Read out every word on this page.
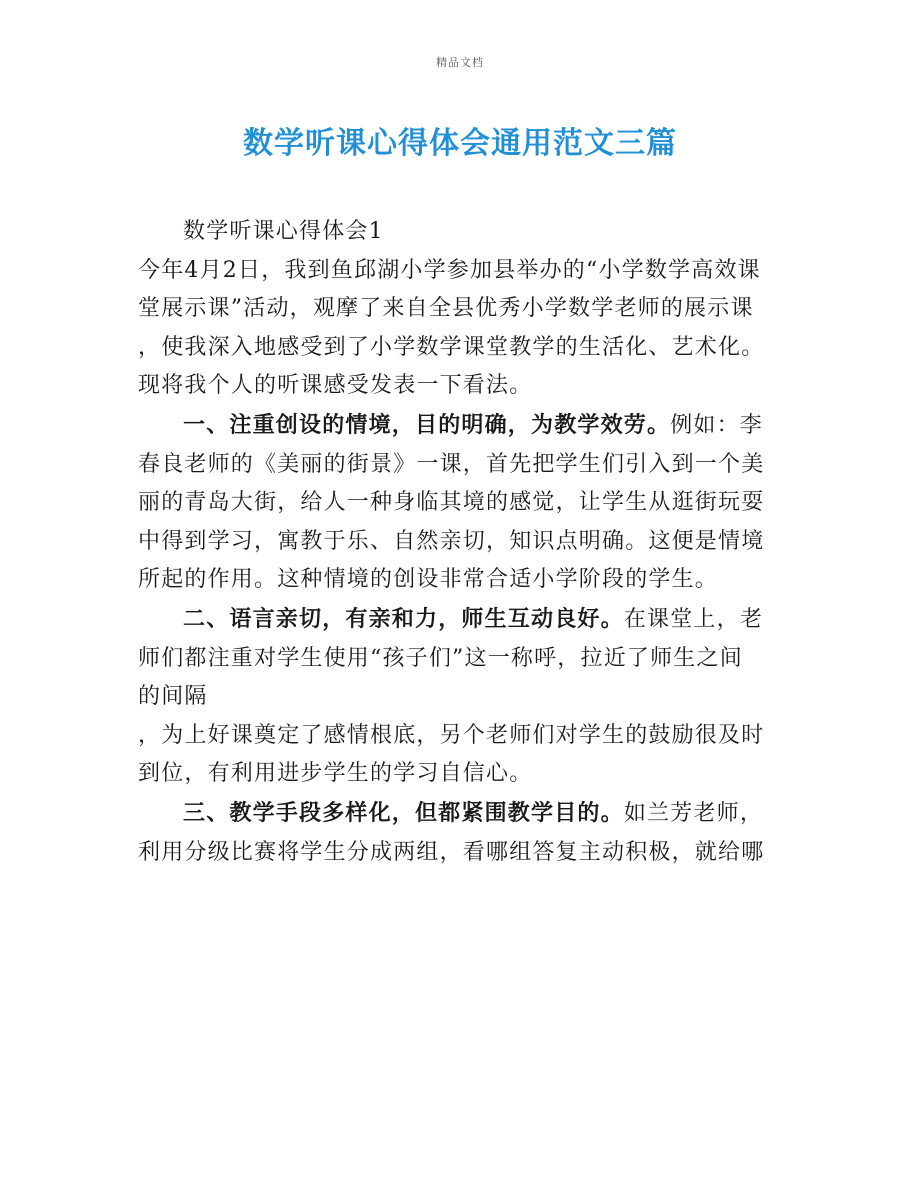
精品文档
数学听课心得体会通用范文三篇
数学听课心得体会1
今年4月2日，我到鱼邱湖小学参加县举办的“小学数学高效课
堂展示课”活动，观摩了来自全县优秀小学数学老师的展示课
，使我深入地感受到了小学数学课堂教学的生活化、艺术化。
现将我个人的听课感受发表一下看法。
一、注重创设的情境，目的明确，为教学效劳。例如：李
春良老师的《美丽的街景》一课，首先把学生们引入到一个美
丽的青岛大街，给人一种身临其境的感觉，让学生从逛街玩耍
中得到学习，寓教于乐、自然亲切，知识点明确。这便是情境
所起的作用。这种情境的创设非常合适小学阶段的学生。
二、语言亲切，有亲和力，师生互动良好。在课堂上，老
师们都注重对学生使用“孩子们”这一称呼，拉近了师生之间
的间隔
，为上好课奠定了感情根底，另个老师们对学生的鼓励很及时
到位，有利用进步学生的学习自信心。
三、教学手段多样化，但都紧围教学目的。如兰芳老师，
利用分级比赛将学生分成两组，看哪组答复主动积极，就给哪
